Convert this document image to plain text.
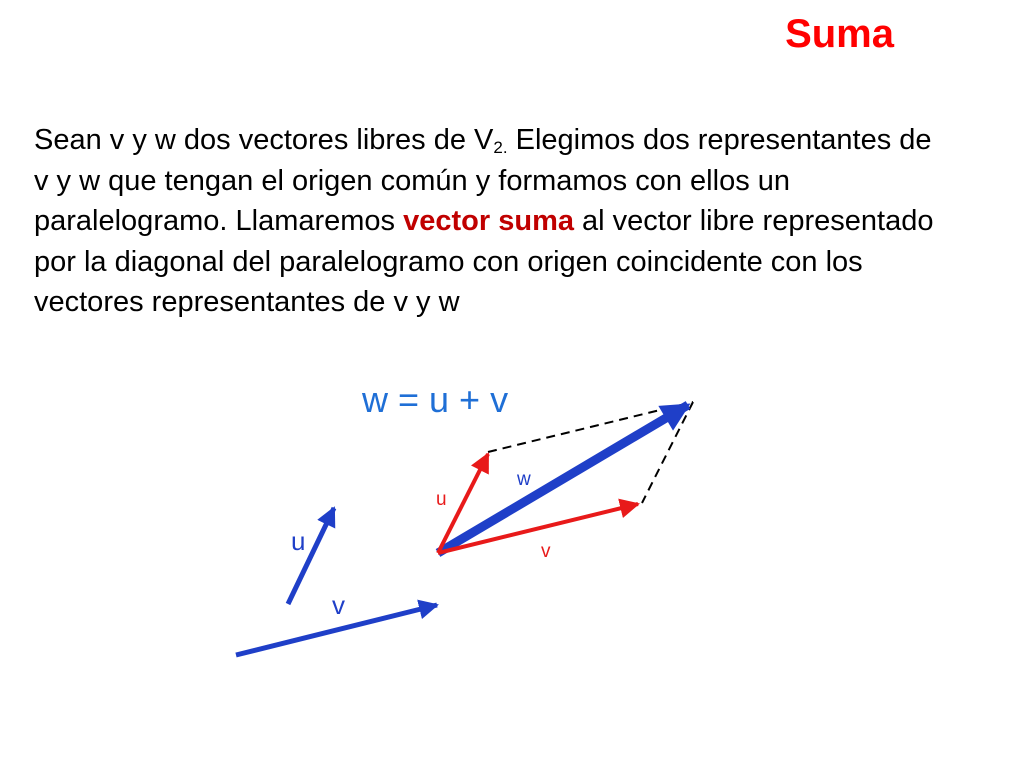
Suma
Sean v y w dos vectores libres de $V_{2.}$ Elegimos dos representantes de v y w que tengan el origen común y formamos con ellos un paralelogramo. Llamaremos vector suma al vector libre representado por la diagonal del paralelogramo con origen coincidente con los vectores representantes de v y w
w = u + v
u
v
u
w
v
